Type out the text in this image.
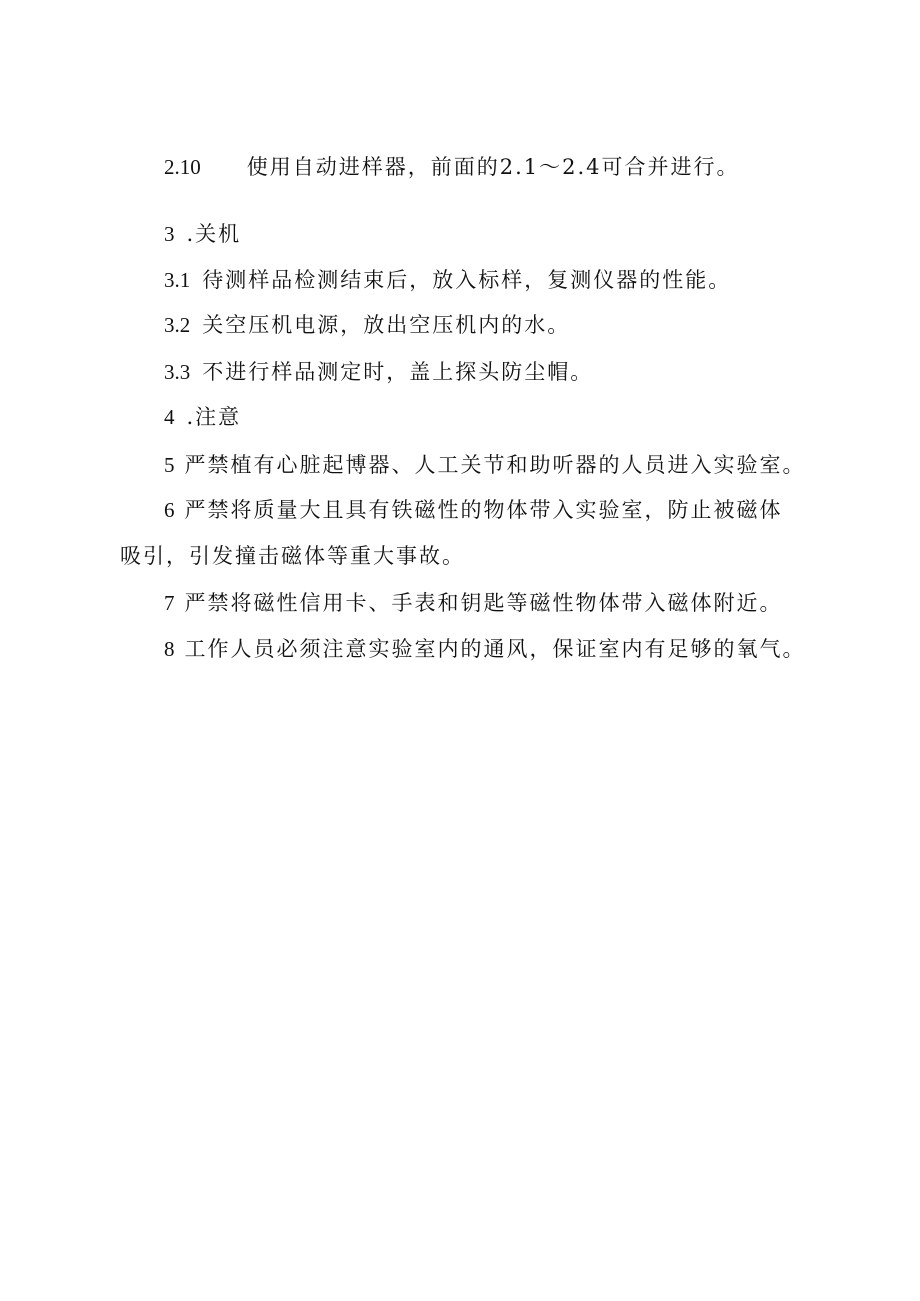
2.10 使用自动进样器，前面的2.1～2.4可合并进行。
3 .关机
3.1 待测样品检测结束后，放入标样，复测仪器的性能。
3.2 关空压机电源，放出空压机内的水。
3.3 不进行样品测定时，盖上探头防尘帽。
4 .注意
5 严禁植有心脏起博器、人工关节和助听器的人员进入实验室。
6 严禁将质量大且具有铁磁性的物体带入实验室，防止被磁体
吸引，引发撞击磁体等重大事故。
7 严禁将磁性信用卡、手表和钥匙等磁性物体带入磁体附近。
8 工作人员必须注意实验室内的通风，保证室内有足够的氧气。
